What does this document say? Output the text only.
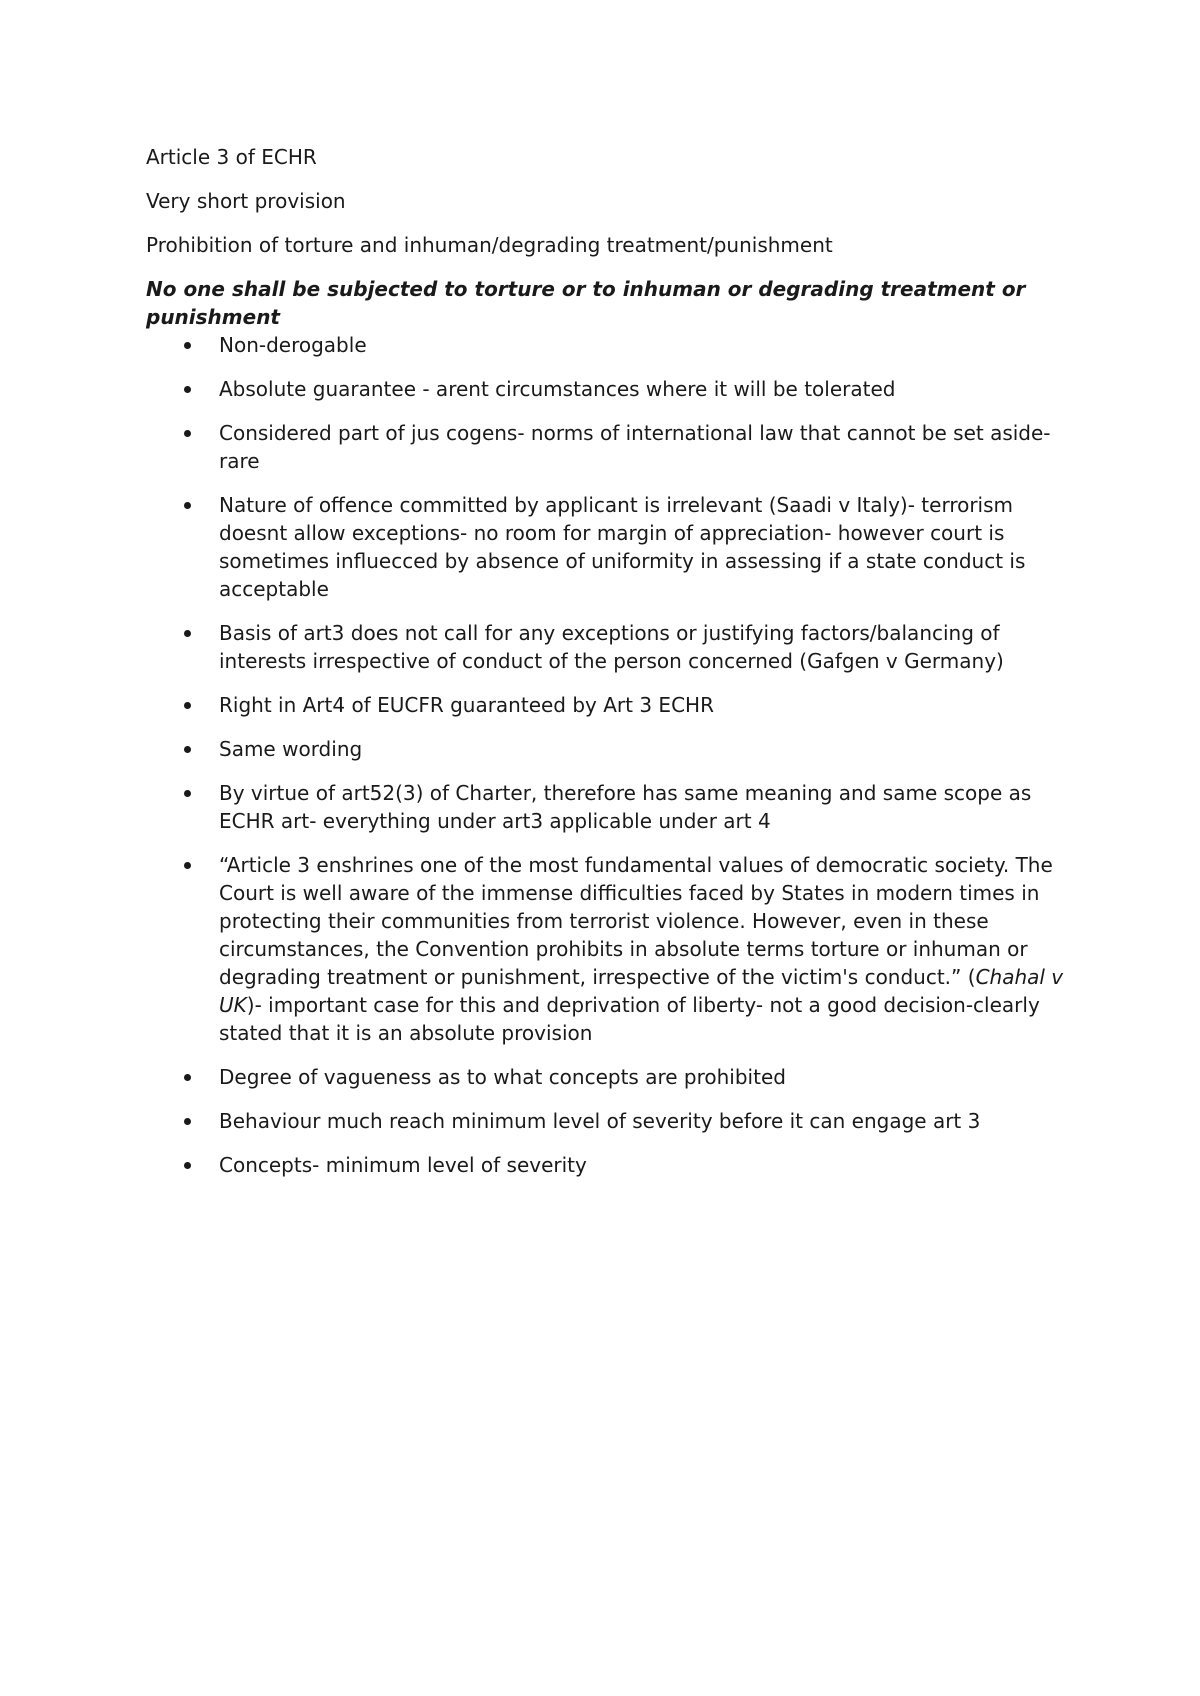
Article 3 of ECHR

Very short provision

Prohibition of torture and inhuman/degrading treatment/punishment

No one shall be subjected to torture or to inhuman or degrading treatment or punishment

Non-derogable
Absolute guarantee - arent circumstances where it will be tolerated
Considered part of jus cogens- norms of international law that cannot be set aside- rare
Nature of offence committed by applicant is irrelevant (Saadi v Italy)- terrorism doesnt allow exceptions- no room for margin of appreciation- however court is sometimes influecced by absence of uniformity in assessing if a state conduct is acceptable
Basis of art3 does not call for any exceptions or justifying factors/balancing of interests irrespective of conduct of the person concerned (Gafgen v Germany)
Right in Art4 of EUCFR guaranteed by Art 3 ECHR
Same wording
By virtue of art52(3) of Charter, therefore has same meaning and same scope as ECHR art- everything under art3 applicable under art 4
“Article 3 enshrines one of the most fundamental values of democratic society. The Court is well aware of the immense difficulties faced by States in modern times in protecting their communities from terrorist violence. However, even in these circumstances, the Convention prohibits in absolute terms torture or inhuman or degrading treatment or punishment, irrespective of the victim's conduct.” (Chahal v UK)- important case for this and deprivation of liberty- not a good decision-clearly stated that it is an absolute provision
Degree of vagueness as to what concepts are prohibited
Behaviour much reach minimum level of severity before it can engage art 3
Concepts- minimum level of severity
